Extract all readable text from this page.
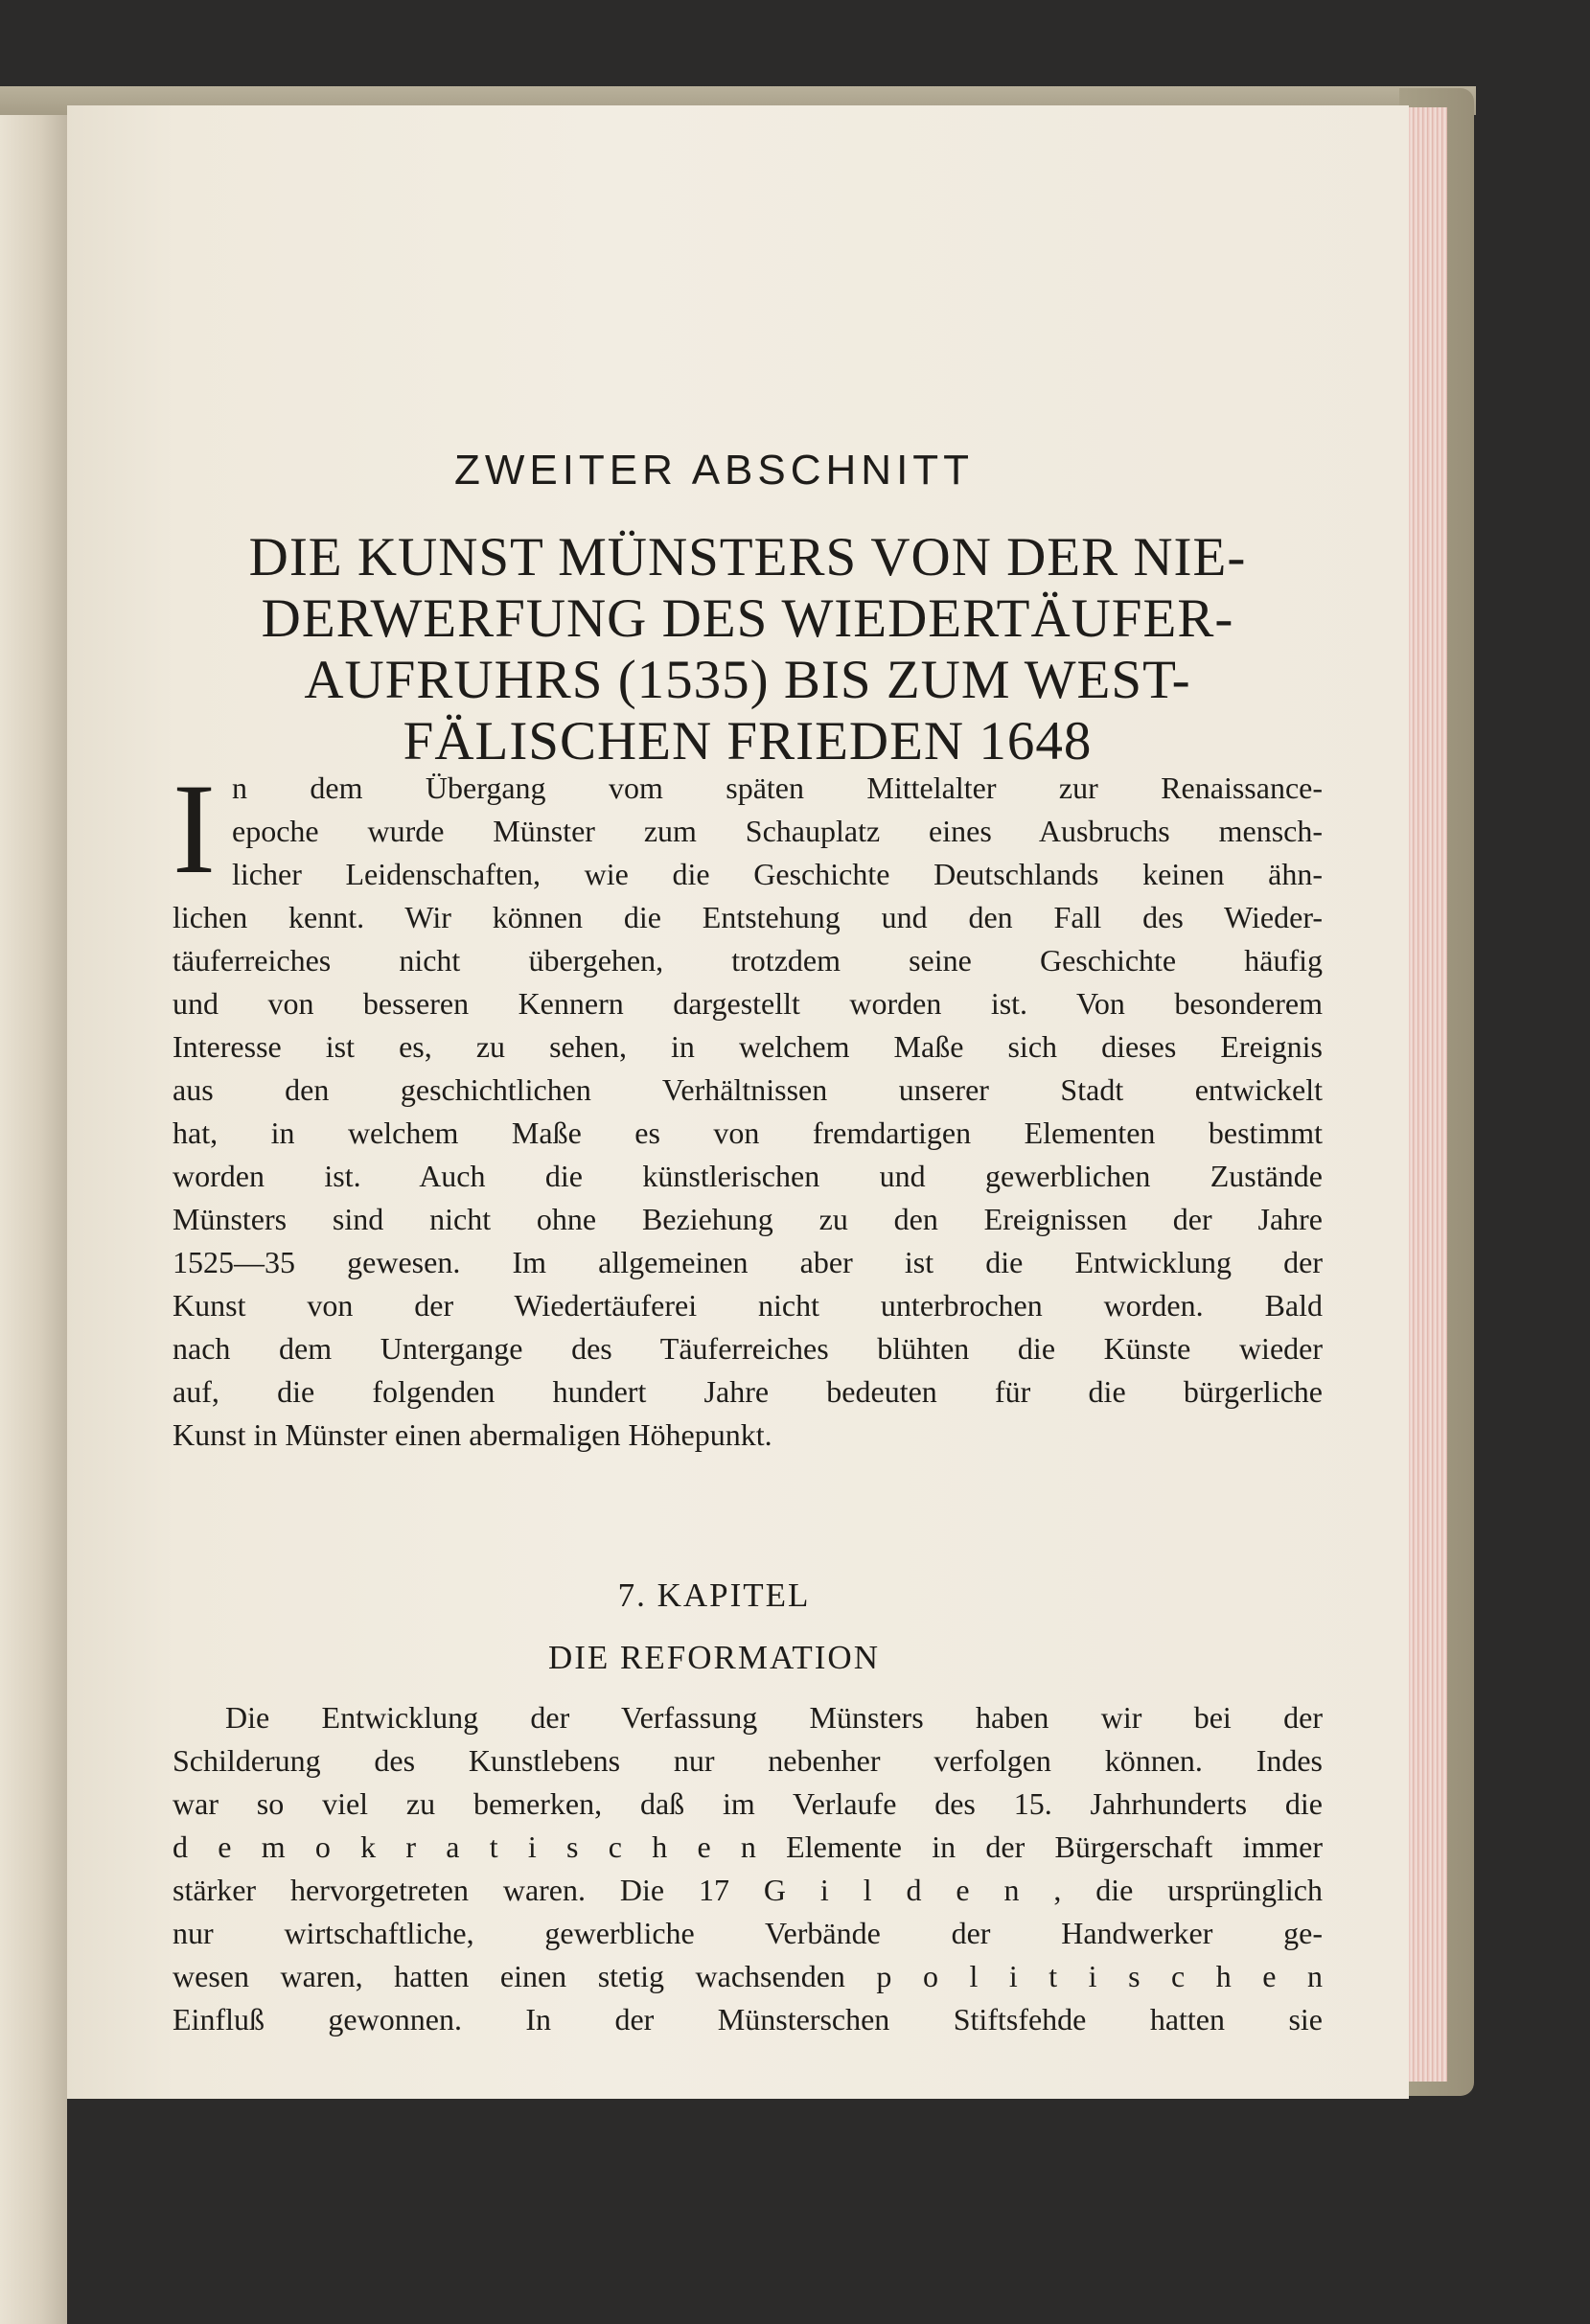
ZWEITER ABSCHNITT
DIE KUNST MÜNSTERS VON DER NIE-
DERWERFUNG DES WIEDERTÄUFER-
AUFRUHRS (1535) BIS ZUM WEST-
FÄLISCHEN FRIEDEN 1648
I n dem Übergang vom späten Mittelalter zur Renaissance-
epoche wurde Münster zum Schauplatz eines Ausbruchs mensch-
licher Leidenschaften, wie die Geschichte Deutschlands keinen ähn-
lichen kennt. Wir können die Entstehung und den Fall des Wieder-
täuferreiches nicht übergehen, trotzdem seine Geschichte häufig
und von besseren Kennern dargestellt worden ist. Von besonderem
Interesse ist es, zu sehen, in welchem Maße sich dieses Ereignis
aus den geschichtlichen Verhältnissen unserer Stadt entwickelt
hat, in welchem Maße es von fremdartigen Elementen bestimmt
worden ist. Auch die künstlerischen und gewerblichen Zustände
Münsters sind nicht ohne Beziehung zu den Ereignissen der Jahre
1525—35 gewesen. Im allgemeinen aber ist die Entwicklung der
Kunst von der Wiedertäuferei nicht unterbrochen worden. Bald
nach dem Untergange des Täuferreiches blühten die Künste wieder
auf, die folgenden hundert Jahre bedeuten für die bürgerliche
Kunst in Münster einen abermaligen Höhepunkt.
7. KAPITEL
DIE REFORMATION
Die Entwicklung der Verfassung Münsters haben wir bei der
Schilderung des Kunstlebens nur nebenher verfolgen können. Indes
war so viel zu bemerken, daß im Verlaufe des 15. Jahrhunderts die
d e m o k r a t i s c h e n Elemente in der Bürgerschaft immer
stärker hervorgetreten waren. Die 17 G i l d e n , die ursprünglich
nur wirtschaftliche, gewerbliche Verbände der Handwerker ge-
wesen waren, hatten einen stetig wachsenden p o l i t i s c h e n
Einfluß gewonnen. In der Münsterschen Stiftsfehde hatten sie
